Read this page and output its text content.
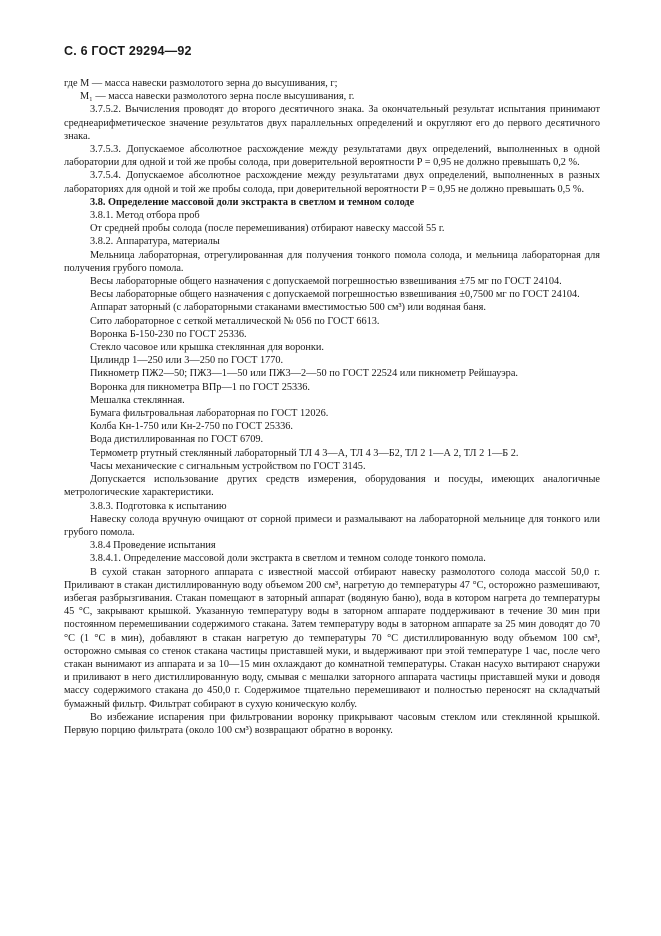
С. 6 ГОСТ 29294—92

где M — масса навески размолотого зерна до высушивания, г;

M₁ — масса навески размолотого зерна после высушивания, г.

3.7.5.2. Вычисления проводят до второго десятичного знака. За окончательный результат испытания принимают среднеарифметическое значение результатов двух параллельных определений и округляют его до первого десятичного знака.

3.7.5.3. Допускаемое абсолютное расхождение между результатами двух определений, выполненных в одной лаборатории для одной и той же пробы солода, при доверительной вероятности P = 0,95 не должно превышать 0,2 %.

3.7.5.4. Допускаемое абсолютное расхождение между результатами двух определений, выполненных в разных лабораториях для одной и той же пробы солода, при доверительной вероятности P = 0,95 не должно превышать 0,5 %.

3.8. Определение массовой доли экстракта в светлом и темном солоде

3.8.1. Метод отбора проб

От средней пробы солода (после перемешивания) отбирают навеску массой 55 г.

3.8.2. Аппаратура, материалы

Мельница лабораторная, отрегулированная для получения тонкого помола солода, и мельница лабораторная для получения грубого помола.

Весы лабораторные общего назначения с допускаемой погрешностью взвешивания ±75 мг по ГОСТ 24104.

Весы лабораторные общего назначения с допускаемой погрешностью взвешивания ±0,7500 мг по ГОСТ 24104.

Аппарат заторный (с лабораторными стаканами вместимостью 500 см³) или водяная баня.

Сито лабораторное с сеткой металлической № 056 по ГОСТ 6613.

Воронка Б-150-230 по ГОСТ 25336.

Стекло часовое или крышка стеклянная для воронки.

Цилиндр 1—250 или 3—250 по ГОСТ 1770.

Пикнометр ПЖ2—50; ПЖ3—1—50 или ПЖ3—2—50 по ГОСТ 22524 или пикнометр Рейшауэра.

Воронка для пикнометра ВПр—1 по ГОСТ 25336.

Мешалка стеклянная.

Бумага фильтровальная лабораторная по ГОСТ 12026.

Колба Кн-1-750 или Кн-2-750 по ГОСТ 25336.

Вода дистиллированная по ГОСТ 6709.

Термометр ртутный стеклянный лабораторный ТЛ 4 3—А, ТЛ 4 3—Б2, ТЛ 2 1—А 2, ТЛ 2 1—Б 2.

Часы механические с сигнальным устройством по ГОСТ 3145.

Допускается использование других средств измерения, оборудования и посуды, имеющих аналогичные метрологические характеристики.

3.8.3. Подготовка к испытанию

Навеску солода вручную очищают от сорной примеси и размалывают на лабораторной мельнице для тонкого или грубого помола.

3.8.4 Проведение испытания

3.8.4.1. Определение массовой доли экстракта в светлом и темном солоде тонкого помола.

В сухой стакан заторного аппарата с известной массой отбирают навеску размолотого солода массой 50,0 г. Приливают в стакан дистиллированную воду объемом 200 см³, нагретую до температуры 47 °С, осторожно размешивают, избегая разбрызгивания. Стакан помещают в заторный аппарат (водяную баню), вода в котором нагрета до температуры 45 °С, закрывают крышкой. Указанную температуру воды в заторном аппарате поддерживают в течение 30 мин при постоянном перемешивании содержимого стакана. Затем температуру воды в заторном аппарате за 25 мин доводят до 70 °С (1 °С в мин), добавляют в стакан нагретую до температуры 70 °С дистиллированную воду объемом 100 см³, осторожно смывая со стенок стакана частицы приставшей муки, и выдерживают при этой температуре 1 час, после чего стакан вынимают из аппарата и за 10—15 мин охлаждают до комнатной температуры. Стакан насухо вытирают снаружи и приливают в него дистиллированную воду, смывая с мешалки заторного аппарата частицы приставшей муки и доводя массу содержимого стакана до 450,0 г. Содержимое тщательно перемешивают и полностью переносят на складчатый бумажный фильтр. Фильтрат собирают в сухую коническую колбу.

Во избежание испарения при фильтровании воронку прикрывают часовым стеклом или стеклянной крышкой. Первую порцию фильтрата (около 100 см³) возвращают обратно в воронку.
